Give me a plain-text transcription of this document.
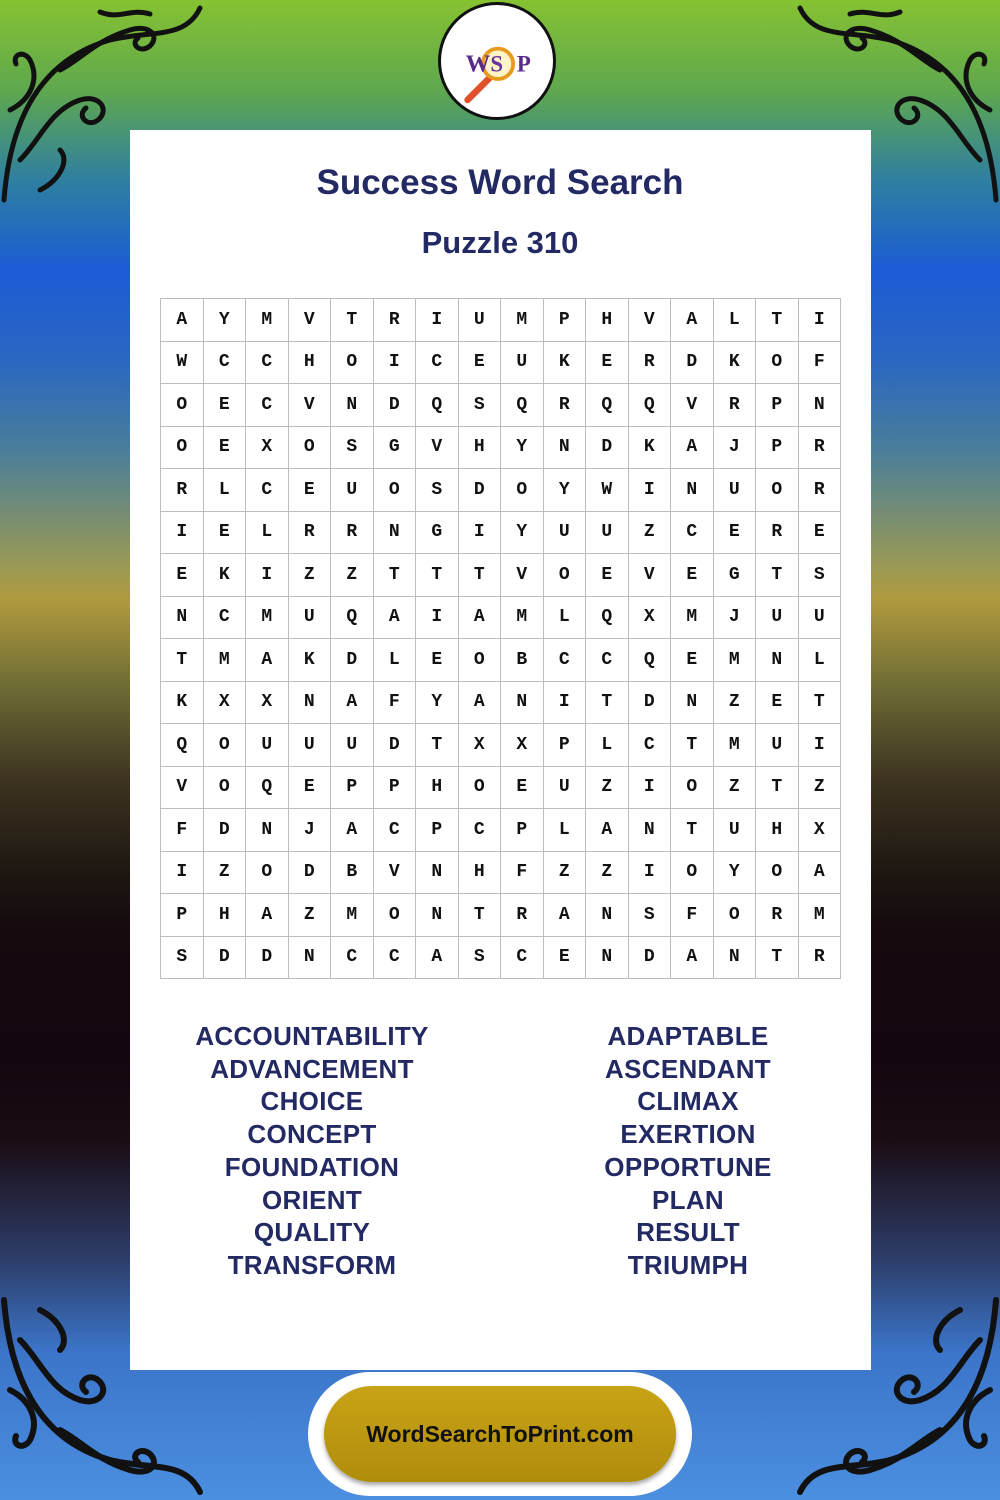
W S P
Success Word Search
Puzzle 310
A	Y	M	V	T	R	I	U	M	P	H	V	A	L	T	I
W	C	C	H	O	I	C	E	U	K	E	R	D	K	O	F
O	E	C	V	N	D	Q	S	Q	R	Q	Q	V	R	P	N
O	E	X	O	S	G	V	H	Y	N	D	K	A	J	P	R
R	L	C	E	U	O	S	D	O	Y	W	I	N	U	O	R
I	E	L	R	R	N	G	I	Y	U	U	Z	C	E	R	E
E	K	I	Z	Z	T	T	T	V	O	E	V	E	G	T	S
N	C	M	U	Q	A	I	A	M	L	Q	X	M	J	U	U
T	M	A	K	D	L	E	O	B	C	C	Q	E	M	N	L
K	X	X	N	A	F	Y	A	N	I	T	D	N	Z	E	T
Q	O	U	U	U	D	T	X	X	P	L	C	T	M	U	I
V	O	Q	E	P	P	H	O	E	U	Z	I	O	Z	T	Z
F	D	N	J	A	C	P	C	P	L	A	N	T	U	H	X
I	Z	O	D	B	V	N	H	F	Z	Z	I	O	Y	O	A
P	H	A	Z	M	O	N	T	R	A	N	S	F	O	R	M
S	D	D	N	C	C	A	S	C	E	N	D	A	N	T	R
ACCOUNTABILITY
ADVANCEMENT
CHOICE
CONCEPT
FOUNDATION
ORIENT
QUALITY
TRANSFORM
ADAPTABLE
ASCENDANT
CLIMAX
EXERTION
OPPORTUNE
PLAN
RESULT
TRIUMPH
WordSearchToPrint.com
